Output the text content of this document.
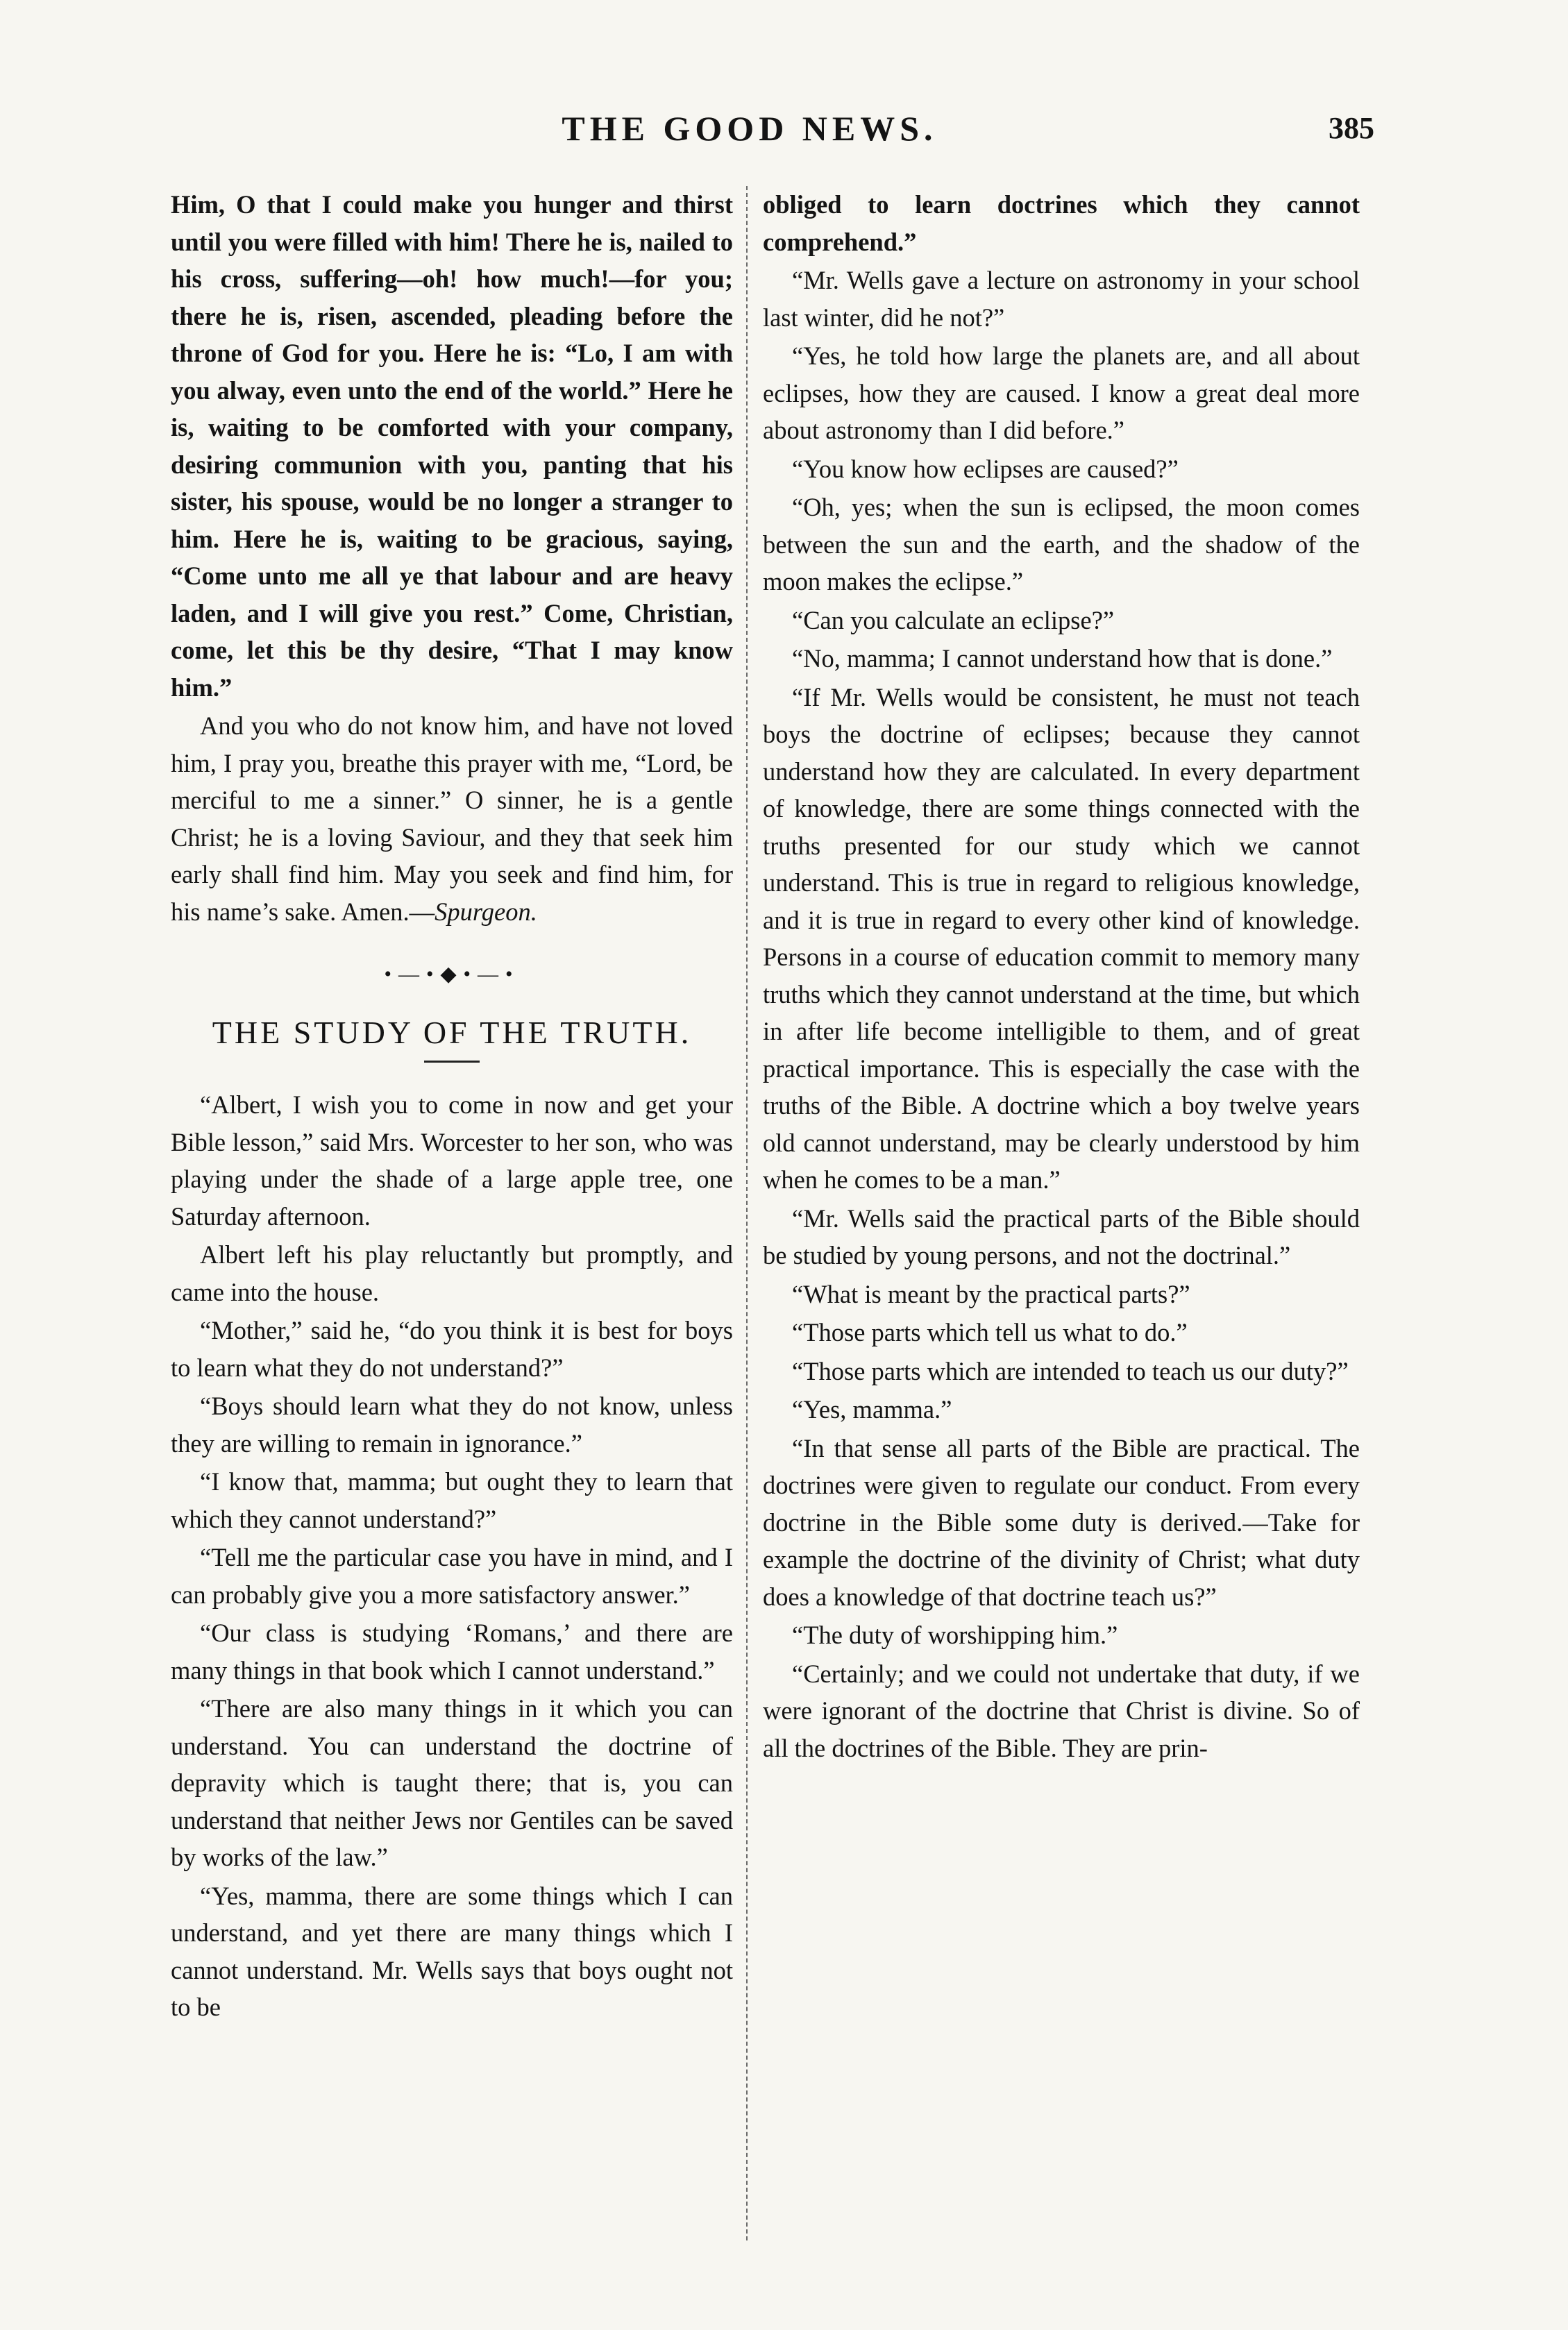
THE GOOD NEWS.	385

Him, O that I could make you hunger and thirst until you were filled with him! There he is, nailed to his cross, suffering—oh! how much!—for you; there he is, risen, ascended, pleading before the throne of God for you. Here he is: “Lo, I am with you alway, even unto the end of the world.” Here he is, waiting to be comforted with your company, desiring communion with you, panting that his sister, his spouse, would be no longer a stranger to him. Here he is, waiting to be gracious, saying, “Come unto me all ye that labour and are heavy laden, and I will give you rest.” Come, Christian, come, let this be thy desire, “That I may know him.”

And you who do not know him, and have not loved him, I pray you, breathe this prayer with me, “Lord, be merciful to me a sinner.” O sinner, he is a gentle Christ; he is a loving Saviour, and they that seek him early shall find him. May you seek and find him, for his name’s sake. Amen.—Spurgeon.

•—•◆•—•
THE STUDY OF THE TRUTH.

“Albert, I wish you to come in now and get your Bible lesson,” said Mrs. Worcester to her son, who was playing under the shade of a large apple tree, one Saturday afternoon.

Albert left his play reluctantly but promptly, and came into the house.

“Mother,” said he, “do you think it is best for boys to learn what they do not understand?”

“Boys should learn what they do not know, unless they are willing to remain in ignorance.”

“I know that, mamma; but ought they to learn that which they cannot understand?”

“Tell me the particular case you have in mind, and I can probably give you a more satisfactory answer.”

“Our class is studying ‘Romans,’ and there are many things in that book which I cannot understand.”

“There are also many things in it which you can understand. You can understand the doctrine of depravity which is taught there; that is, you can understand that neither Jews nor Gentiles can be saved by works of the law.”

“Yes, mamma, there are some things which I can understand, and yet there are many things which I cannot understand. Mr. Wells says that boys ought not to be

obliged to learn doctrines which they cannot comprehend.”

“Mr. Wells gave a lecture on astronomy in your school last winter, did he not?”

“Yes, he told how large the planets are, and all about eclipses, how they are caused. I know a great deal more about astronomy than I did before.”

“You know how eclipses are caused?”

“Oh, yes; when the sun is eclipsed, the moon comes between the sun and the earth, and the shadow of the moon makes the eclipse.”

“Can you calculate an eclipse?”

“No, mamma; I cannot understand how that is done.”

“If Mr. Wells would be consistent, he must not teach boys the doctrine of eclipses; because they cannot understand how they are calculated. In every department of knowledge, there are some things connected with the truths presented for our study which we cannot understand. This is true in regard to religious knowledge, and it is true in regard to every other kind of knowledge. Persons in a course of education commit to memory many truths which they cannot understand at the time, but which in after life become intelligible to them, and of great practical importance. This is especially the case with the truths of the Bible. A doctrine which a boy twelve years old cannot understand, may be clearly understood by him when he comes to be a man.”

“Mr. Wells said the practical parts of the Bible should be studied by young persons, and not the doctrinal.”

“What is meant by the practical parts?”

“Those parts which tell us what to do.”

“Those parts which are intended to teach us our duty?”

“Yes, mamma.”

“In that sense all parts of the Bible are practical. The doctrines were given to regulate our conduct. From every doctrine in the Bible some duty is derived.—Take for example the doctrine of the divinity of Christ; what duty does a knowledge of that doctrine teach us?”

“The duty of worshipping him.”

“Certainly; and we could not undertake that duty, if we were ignorant of the doctrine that Christ is divine. So of all the doctrines of the Bible. They are prin-
